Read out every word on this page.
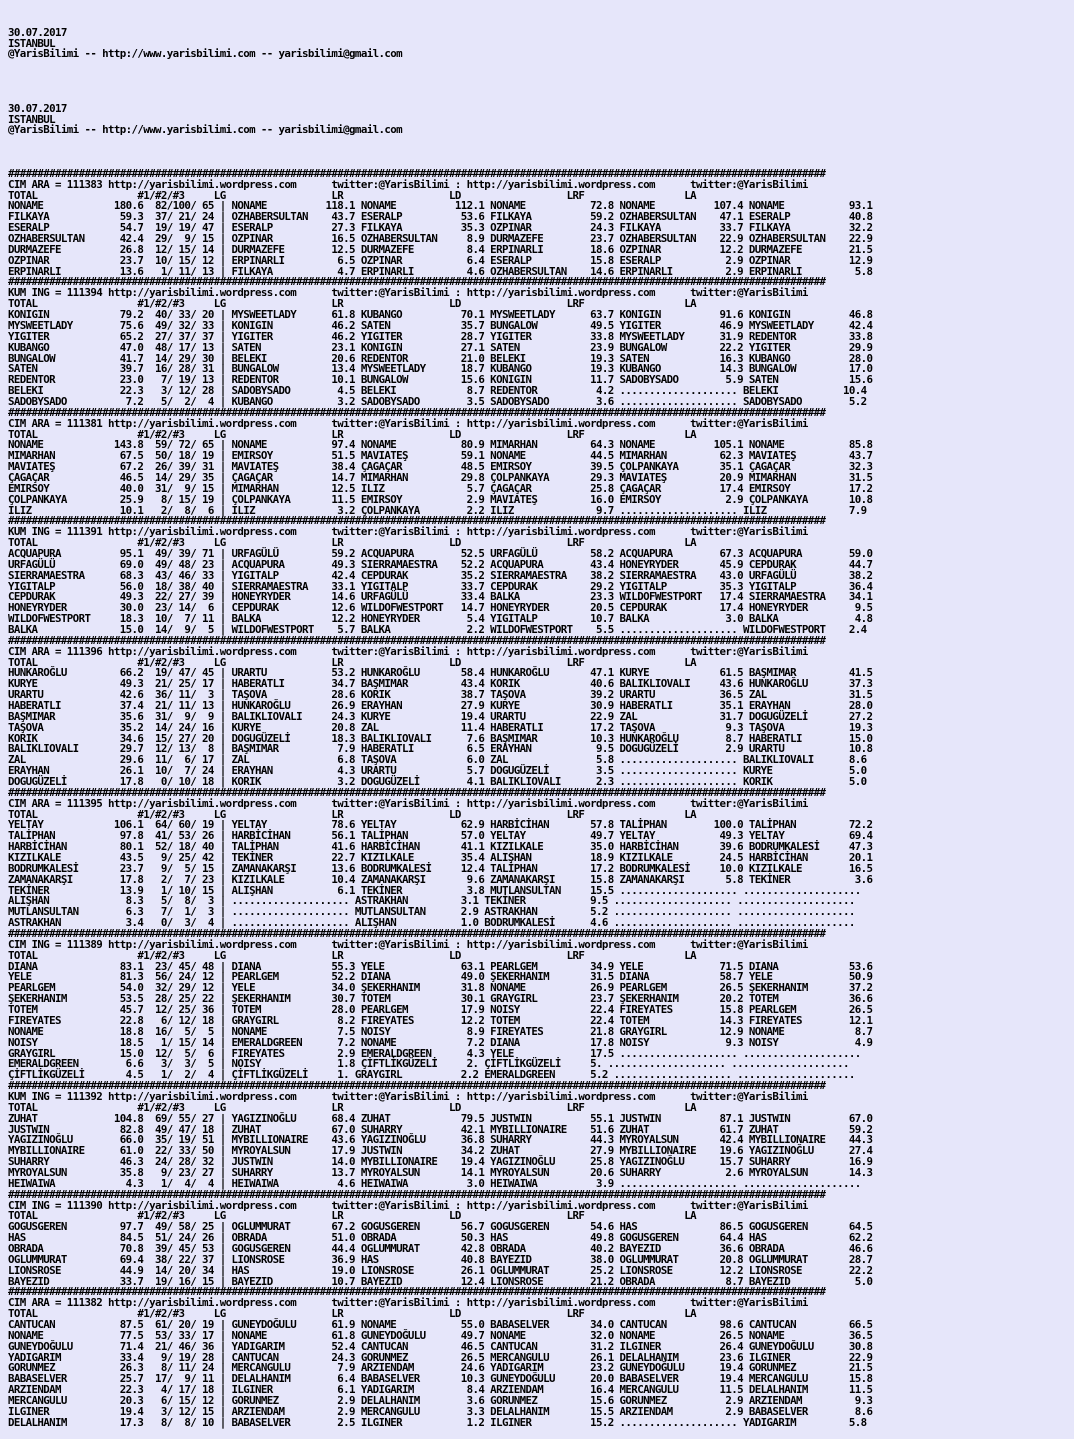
30.07.2017
ISTANBUL
@YarisBilimi -- http://www.yarisbilimi.com -- yarisbilimi@gmail.com

30.07.2017
ISTANBUL
@YarisBilimi -- http://www.yarisbilimi.com -- yarisbilimi@gmail.com

###########################################################################################################################################
CIM ARA = 111383 http://yarisbilimi.wordpress.com      twitter:@YarisBilimi : http://yarisbilimi.wordpress.com      twitter:@YarisBilimi
TOTAL                 #1/#2/#3     LG                  LR                  LD                  LRF                 LA
NONAME            180.6  82/100/ 65 | NONAME          118.1 NONAME          112.1 NONAME           72.8 NONAME          107.4 NONAME           93.1
FILKAYA            59.3  37/ 21/ 24 | OZHABERSULTAN    43.7 ESERALP          53.6 FILKAYA          59.2 OZHABERSULTAN    47.1 ESERALP          40.8
ESERALP            54.7  19/ 19/ 47 | ESERALP          27.3 FILKAYA          35.3 OZPINAR          24.3 FILKAYA          33.7 FILKAYA          32.2
OZHABERSULTAN      42.4  29/  9/ 15 | OZPINAR          16.5 OZHABERSULTAN     8.9 DURMAZEFE        23.7 OZHABERSULTAN    22.9 OZHABERSULTAN    22.9
DURMAZEFE          26.8  12/ 15/ 14 | DURMAZEFE        12.5 DURMAZEFE         8.4 ERPINARLI        18.6 OZPINAR          12.2 DURMAZEFE        21.5
OZPINAR            23.7  10/ 15/ 12 | ERPINARLI         6.5 OZPINAR           6.4 ESERALP          15.8 ESERALP           2.9 OZPINAR          12.9
ERPINARLI          13.6   1/ 11/ 13 | FILKAYA           4.7 ERPINARLI         4.6 OZHABERSULTAN    14.6 ERPINARLI         2.9 ERPINARLI         5.8
###########################################################################################################################################
KUM ING = 111394 http://yarisbilimi.wordpress.com      twitter:@YarisBilimi : http://yarisbilimi.wordpress.com      twitter:@YarisBilimi
TOTAL                 #1/#2/#3     LG                  LR                  LD                  LRF                 LA
KONIGIN            79.2  40/ 33/ 20 | MYSWEETLADY      61.8 KUBANGO          70.1 MYSWEETLADY      63.7 KONIGIN          91.6 KONIGIN          46.8
MYSWEETLADY        75.6  49/ 32/ 33 | KONIGIN          46.2 SATEN            35.7 BUNGALOW         49.5 YIGITER          46.9 MYSWEETLADY      42.4
YIGITER            65.2  27/ 37/ 37 | YIGITER          46.2 YIGITER          28.7 YIGITER          33.8 MYSWEETLADY      31.9 REDENTOR         33.8
KUBANGO            47.0  48/ 17/ 13 | SATEN            23.1 KONIGIN          27.1 SATEN            23.9 BUNGALOW         22.2 YIGITER          29.9
BUNGALOW           41.7  14/ 29/ 30 | BELEKI           20.6 REDENTOR         21.0 BELEKI           19.3 SATEN            16.3 KUBANGO          28.0
SATEN              39.7  16/ 28/ 31 | BUNGALOW         13.4 MYSWEETLADY      18.7 KUBANGO          19.3 KUBANGO          14.3 BUNGALOW         17.0
REDENTOR           23.0   7/ 19/ 13 | REDENTOR         10.1 BUNGALOW         15.6 KONIGIN          11.7 SADOBYSADO        5.9 SATEN            15.6
BELEKI             22.3   3/ 12/ 28 | SADOBYSADO        4.5 BELEKI            8.7 REDENTOR          4.2 .................... BELEKI           10.4
SADOBYSADO          7.2   5/  2/  4 | KUBANGO           3.2 SADOBYSADO        3.5 SADOBYSADO        3.6 .................... SADOBYSADO        5.2
###########################################################################################################################################
CIM ARA = 111381 http://yarisbilimi.wordpress.com      twitter:@YarisBilimi : http://yarisbilimi.wordpress.com      twitter:@YarisBilimi
TOTAL                 #1/#2/#3     LG                  LR                  LD                  LRF                 LA
NONAME            143.8  59/ 72/ 65 | NONAME           97.4 NONAME           80.9 MIMARHAN         64.3 NONAME          105.1 NONAME           85.8
MIMARHAN           67.5  50/ 18/ 19 | EMIRSOY          51.5 MAVIATEŞ         59.1 NONAME           44.5 MIMARHAN         62.3 MAVIATEŞ         43.7
MAVIATEŞ           67.2  26/ 39/ 31 | MAVIATEŞ         38.4 ÇAGAÇAR          48.5 EMIRSOY          39.5 ÇOLPANKAYA       35.1 ÇAGAÇAR          32.3
ÇAGAÇAR            46.5  14/ 29/ 35 | ÇAGAÇAR          14.7 MIMARHAN         29.8 ÇOLPANKAYA       29.3 MAVIATEŞ         20.9 MIMARHAN         31.5
EMIRSOY            40.0  31/  9/ 15 | MIMARHAN         12.5 ILIZ              5.7 ÇAGAÇAR          25.8 ÇAGAÇAR          17.4 EMIRSOY          17.2
ÇOLPANKAYA         25.9   8/ 15/ 19 | ÇOLPANKAYA       11.5 EMIRSOY           2.9 MAVIATEŞ         16.0 EMIRSOY           2.9 ÇOLPANKAYA       10.8
ILIZ               10.1   2/  8/  6 | ILIZ              3.2 ÇOLPANKAYA        2.2 ILIZ              9.7 .................... ILIZ              7.9
###########################################################################################################################################
KUM ING = 111391 http://yarisbilimi.wordpress.com      twitter:@YarisBilimi : http://yarisbilimi.wordpress.com      twitter:@YarisBilimi
TOTAL                 #1/#2/#3     LG                  LR                  LD                  LRF                 LA
ACQUAPURA          95.1  49/ 39/ 71 | URFAGÜLÜ         59.2 ACQUAPURA        52.5 URFAGÜLÜ         58.2 ACQUAPURA        67.3 ACQUAPURA        59.0
URFAGÜLÜ           69.0  49/ 48/ 23 | ACQUAPURA        49.3 SIERRAMAESTRA    52.2 ACQUAPURA        43.4 HONEYRYDER       45.9 CEPDURAK         44.7
SIERRAMAESTRA      68.3  43/ 46/ 33 | YIGITALP         42.4 CEPDURAK         35.2 SIERRAMAESTRA    38.2 SIERRAMAESTRA    43.0 URFAGÜLÜ         38.2
YIGITALP           56.0  18/ 38/ 40 | SIERRAMAESTRA    33.1 YIGITALP         33.7 CEPDURAK         29.2 YIGITALP         35.3 YIGITALP         36.4
CEPDURAK           49.3  22/ 27/ 39 | HONEYRYDER       14.6 URFAGÜLÜ         33.4 BALKA            23.3 WILDOFWESTPORT   17.4 SIERRAMAESTRA    34.1
HONEYRYDER         30.0  23/ 14/  6 | CEPDURAK         12.6 WILDOFWESTPORT   14.7 HONEYRYDER       20.5 CEPDURAK         17.4 HONEYRYDER        9.5
WILDOFWESTPORT     18.3  10/  7/ 11 | BALKA            12.2 HONEYRYDER        5.4 YIGITALP         10.7 BALKA             3.0 BALKA             4.8
BALKA              15.0  14/  9/  5 | WILDOFWESTPORT    5.7 BALKA             2.2 WILDOFWESTPORT    5.5 .................... WILDOFWESTPORT    2.4
###########################################################################################################################################
CIM ARA = 111396 http://yarisbilimi.wordpress.com      twitter:@YarisBilimi : http://yarisbilimi.wordpress.com      twitter:@YarisBilimi
TOTAL                 #1/#2/#3     LG                  LR                  LD                  LRF                 LA
HUNKAROĞLU         66.2  19/ 47/ 45 | URARTU           53.2 HUNKAROĞLU       58.4 HUNKAROĞLU       47.1 KURYE            61.5 BAŞMIMAR         41.5
KURYE              49.3  21/ 25/ 17 | HABERATLI        34.7 BAŞMIMAR         43.4 KORIK            40.6 BALIKLIOVALI     43.6 HUNKAROĞLU       37.3
URARTU             42.6  36/ 11/  3 | TAŞOVA           28.6 KORIK            38.7 TAŞOVA           39.2 URARTU           36.5 ZAL              31.5
HABERATLI          37.4  21/ 11/ 13 | HUNKAROĞLU       26.9 ERAYHAN          27.9 KURYE            30.9 HABERATLI        35.1 ERAYHAN          28.0
BAŞMIMAR           35.6  31/  9/  9 | BALIKLIOVALI     24.3 KURYE            19.4 URARTU           22.9 ZAL              31.7 DOGUGÜZELİ       27.2
TAŞOVA             35.2  14/ 24/ 16 | KURYE            20.8 ZAL              11.4 HABERATLI        17.2 TAŞOVA            9.3 TAŞOVA           19.3
KORIK              34.6  15/ 27/ 20 | DOGUGÜZELİ       18.3 BALIKLIOVALI      7.6 BAŞMIMAR         10.3 HUNKAROĞLU        8.7 HABERATLI        15.0
BALIKLIOVALI       29.7  12/ 13/  8 | BAŞMIMAR          7.9 HABERATLI         6.5 ERAYHAN           9.5 DOGUGÜZELİ        2.9 URARTU           10.8
ZAL                29.6  11/  6/ 17 | ZAL               6.8 TAŞOVA            6.0 ZAL               5.8 .................... BALIKLIOVALI      8.6
ERAYHAN            26.1  10/  7/ 24 | ERAYHAN           4.3 URARTU            5.7 DOGUGÜZELİ        3.5 .................... KURYE             5.0
DOGUGÜZELİ         17.8   0/ 10/ 18 | KORIK             3.2 DOGUGÜZELİ        4.1 BALIKLIOVALI      2.3 .................... KORIK             5.0
###########################################################################################################################################
CIM ARA = 111395 http://yarisbilimi.wordpress.com      twitter:@YarisBilimi : http://yarisbilimi.wordpress.com      twitter:@YarisBilimi
TOTAL                 #1/#2/#3     LG                  LR                  LD                  LRF                 LA
YELTAY            106.1  64/ 60/ 19 | YELTAY           78.6 YELTAY           62.9 HARBİCİHAN       57.8 TALİPHAN        100.0 TALİPHAN         72.2
TALİPHAN           97.8  41/ 53/ 26 | HARBİCİHAN       56.1 TALİPHAN         57.0 YELTAY           49.7 YELTAY           49.3 YELTAY           69.4
HARBİCİHAN         80.1  52/ 18/ 40 | TALİPHAN         41.6 HARBİCİHAN       41.1 KIZILKALE        35.0 HARBİCİHAN       39.6 BODRUMKALESİ     47.3
KIZILKALE          43.5   9/ 25/ 42 | TEKİNER          22.7 KIZILKALE        35.4 ALIŞHAN          18.9 KIZILKALE        24.5 HARBİCİHAN       20.1
BODRUMKALESİ       23.7   9/  5/ 15 | ZAMANAKARŞI      13.6 BODRUMKALESİ     12.4 TALİPHAN         17.2 BODRUMKALESİ     10.0 KIZILKALE        16.5
ZAMANAKARŞI        17.8   2/  7/ 23 | KIZILKALE        10.4 ZAMANAKARŞI       9.6 ZAMANAKARŞI      15.8 ZAMANAKARŞI       5.8 TEKİNER           3.6
TEKİNER            13.9   1/ 10/ 15 | ALIŞHAN           6.1 TEKİNER           3.8 MUTLANSULTAN     15.5 .................... ....................
ALIŞHAN             8.3   5/  8/  3 | .................... ASTRAKHAN         3.1 TEKİNER           9.5 .................... ....................
MUTLANSULTAN        6.3   7/  1/  3 | .................... MUTLANSULTAN      2.9 ASTRAKHAN         5.2 .................... ....................
ASTRAKHAN           3.4   0/  3/  4 | .................... ALIŞHAN           1.0 BODRUMKALESİ      4.6 .................... ....................
###########################################################################################################################################
CIM ING = 111389 http://yarisbilimi.wordpress.com      twitter:@YarisBilimi : http://yarisbilimi.wordpress.com      twitter:@YarisBilimi
TOTAL                 #1/#2/#3     LG                  LR                  LD                  LRF                 LA
DIANA              83.1  23/ 45/ 48 | DIANA            55.3 YELE             63.1 PEARLGEM         34.9 YELE             71.5 DIANA            53.6
YELE               81.3  56/ 24/ 12 | PEARLGEM         52.2 DIANA            49.0 ŞEKERHANIM       31.5 DIANA            58.7 YELE             50.9
PEARLGEM           54.0  32/ 29/ 12 | YELE             34.0 ŞEKERHANIM       31.8 NONAME           26.9 PEARLGEM         26.5 ŞEKERHANIM       37.2
ŞEKERHANIM         53.5  28/ 25/ 22 | ŞEKERHANIM       30.7 TOTEM            30.1 GRAYGIRL         23.7 ŞEKERHANIM       20.2 TOTEM            36.6
TOTEM              45.7  12/ 25/ 36 | TOTEM            28.0 PEARLGEM         17.9 NOISY            22.4 FIREYATES        15.8 PEARLGEM         26.5
FIREYATES          22.8   6/ 12/ 18 | GRAYGIRL          8.2 FIREYATES        12.2 TOTEM            22.4 TOTEM            14.3 FIREYATES        12.1
NONAME             18.8  16/  5/  5 | NONAME            7.5 NOISY             8.9 FIREYATES        21.8 GRAYGIRL         12.9 NONAME            8.7
NOISY              18.5   1/ 15/ 14 | EMERALDGREEN      7.2 NONAME            7.2 DIANA            17.8 NOISY             9.3 NOISY             4.9
GRAYGIRL           15.0  12/  5/  6 | FIREYATES         2.9 EMERALDGREEN      4.3 YELE             17.5 .................... ....................
EMERALDGREEN        6.6   3/  3/  5 | NOISY             1.8 ÇİFTLİKGÜZELİ     2. ÇİFTLİKGÜZELİ     5. .................... ....................
ÇİFTLİKGÜZELİ       4.5   1/  2/  4 | ÇİFTLİKGÜZELİ     1. GRAYGIRL          2.2 EMERALDGREEN      5.2 .................... ....................
###########################################################################################################################################
KUM ING = 111392 http://yarisbilimi.wordpress.com      twitter:@YarisBilimi : http://yarisbilimi.wordpress.com      twitter:@YarisBilimi
TOTAL                 #1/#2/#3     LG                  LR                  LD                  LRF                 LA
ZUHAT             104.8  69/ 55/ 27 | YAGIZINOĞLU      68.4 ZUHAT            79.5 JUSTWIN          55.1 JUSTWIN          87.1 JUSTWIN          67.0
JUSTWIN            82.8  49/ 47/ 18 | ZUHAT            67.0 SUHARRY          42.1 MYBILLIONAIRE    51.6 ZUHAT            61.7 ZUHAT            59.2
YAGIZINOĞLU        66.0  35/ 19/ 51 | MYBILLIONAIRE    43.6 YAGIZINOĞLU      36.8 SUHARRY          44.3 MYROYALSUN       42.4 MYBILLIONAIRE    44.3
MYBILLIONAIRE      61.0  22/ 33/ 50 | MYROYALSUN       17.9 JUSTWIN          34.2 ZUHAT            27.9 MYBILLIONAIRE    19.6 YAGIZINOĞLU      27.4
SUHARRY            46.3  24/ 28/ 32 | JUSTWIN          14.0 MYBILLIONAIRE    19.4 YAGIZINOĞLU      25.8 YAGIZINOĞLU      15.7 SUHARRY          16.9
MYROYALSUN         35.8   9/ 23/ 27 | SUHARRY          13.7 MYROYALSUN       14.1 MYROYALSUN       20.6 SUHARRY           2.6 MYROYALSUN       14.3
HEIWAIWA            4.3   1/  4/  4 | HEIWAIWA          4.6 HEIWAIWA          3.0 HEIWAIWA          3.9 .................... ....................
###########################################################################################################################################
CIM ING = 111390 http://yarisbilimi.wordpress.com      twitter:@YarisBilimi : http://yarisbilimi.wordpress.com      twitter:@YarisBilimi
TOTAL                 #1/#2/#3     LG                  LR                  LD                  LRF                 LA
GOGUSGEREN         97.7  49/ 58/ 25 | OGLUMMURAT       67.2 GOGUSGEREN       56.7 GOGUSGEREN       54.6 HAS              86.5 GOGUSGEREN       64.5
HAS                84.5  51/ 24/ 26 | OBRADA           51.0 OBRADA           50.3 HAS              49.8 GOGUSGEREN       64.4 HAS              62.2
OBRADA             70.8  39/ 45/ 53 | GOGUSGEREN       44.4 OGLUMMURAT       42.8 OBRADA           40.2 BAYEZID          36.6 OBRADA           46.6
OGLUMMURAT         69.4  38/ 22/ 37 | LIONSROSE        36.9 HAS              40.8 BAYEZID          38.0 OGLUMMURAT       20.8 OGLUMMURAT       28.7
LIONSROSE          44.9  14/ 20/ 34 | HAS              19.0 LIONSROSE        26.1 OGLUMMURAT       25.2 LIONSROSE        12.2 LIONSROSE        22.2
BAYEZID            33.7  19/ 16/ 15 | BAYEZID          10.7 BAYEZID          12.4 LIONSROSE        21.2 OBRADA            8.7 BAYEZID           5.0
###########################################################################################################################################
CIM ARA = 111382 http://yarisbilimi.wordpress.com      twitter:@YarisBilimi : http://yarisbilimi.wordpress.com      twitter:@YarisBilimi
TOTAL                 #1/#2/#3     LG                  LR                  LD                  LRF                 LA
CANTUCAN           87.5  61/ 20/ 19 | GUNEYDOĞULU      61.9 NONAME           55.0 BABASELVER       34.0 CANTUCAN         98.6 CANTUCAN         66.5
NONAME             77.5  53/ 33/ 17 | NONAME           61.8 GUNEYDOĞULU      49.7 NONAME           32.0 NONAME           26.5 NONAME           36.5
GUNEYDOĞULU        71.4  21/ 46/ 36 | YADIGARIM        52.4 CANTUCAN         46.5 CANTUCAN         31.2 ILGINER          26.4 GUNEYDOĞULU      30.8
YADIGARIM          33.4   9/ 19/ 28 | CANTUCAN         24.3 GORUNMEZ         26.5 MERCANGULU       26.1 DELALHANIM       23.6 ILGINER          22.9
GORUNMEZ           26.3   8/ 11/ 24 | MERCANGULU        7.9 ARZIENDAM        24.6 YADIGARIM        23.2 GUNEYDOĞULU      19.4 GORUNMEZ         21.5
BABASELVER         25.7  17/  9/ 11 | DELALHANIM        6.4 BABASELVER       10.3 GUNEYDOĞULU      20.0 BABASELVER       19.4 MERCANGULU       15.8
ARZIENDAM          22.3   4/ 17/ 18 | ILGINER           6.1 YADIGARIM         8.4 ARZIENDAM        16.4 MERCANGULU       11.5 DELALHANIM       11.5
MERCANGULU         20.3   6/ 15/ 12 | GORUNMEZ          2.9 DELALHANIM        3.6 GORUNMEZ         15.6 GORUNMEZ          2.9 ARZIENDAM         9.3
ILGINER            19.4   3/ 12/ 15 | ARZIENDAM         2.9 MERCANGULU        3.3 DELALHANIM       15.5 ARZIENDAM         2.9 BABASELVER        8.6
DELALHANIM         17.3   8/  8/ 10 | BABASELVER        2.5 ILGINER           1.2 ILGINER          15.2 .................... YADIGARIM         5.8
